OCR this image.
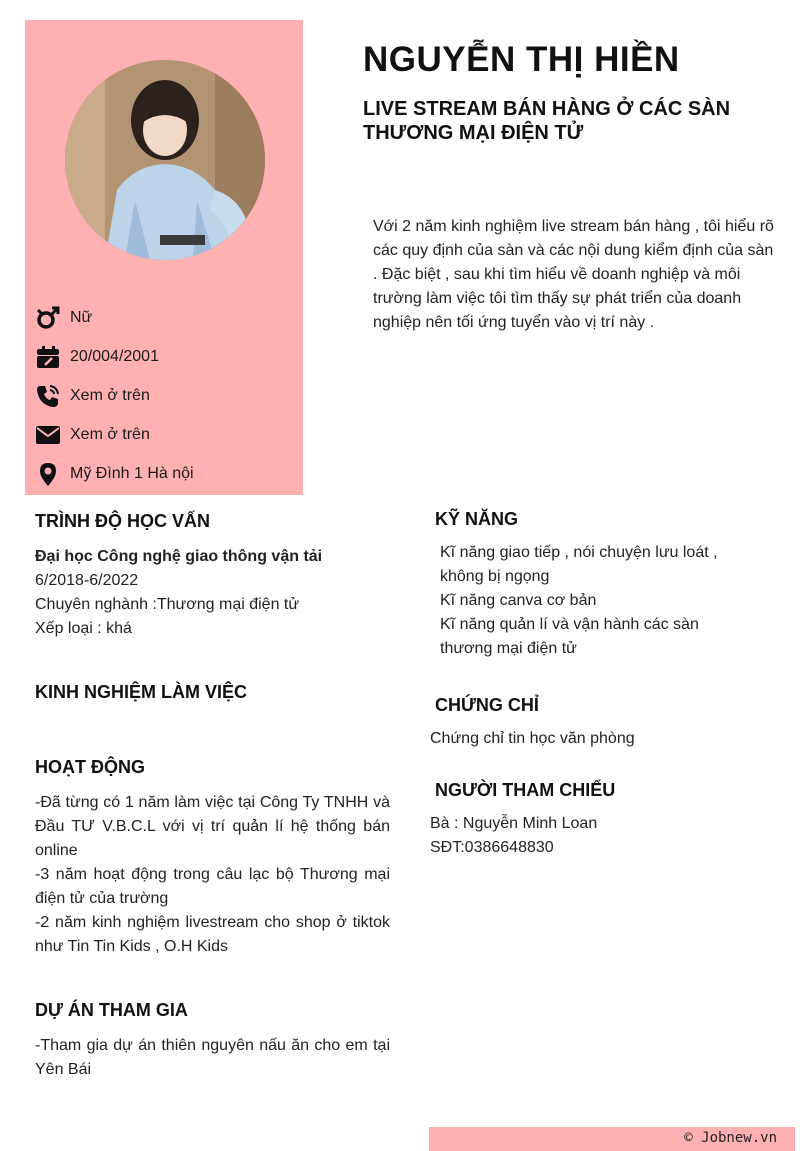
Nữ
20/004/2001
Xem ở trên
Xem ở trên
Mỹ Đình 1 Hà nội
NGUYỄN THỊ HIỀN
LIVE STREAM BÁN HÀNG Ở CÁC SÀN THƯƠNG MẠI ĐIỆN TỬ

Với 2 năm kinh nghiệm live stream bán hàng , tôi hiểu rõ các quy định của sàn và các nội dung kiểm định của sàn . Đặc biệt , sau khi tìm hiểu về doanh nghiệp và môi trường làm việc tôi tìm thấy sự phát triển của doanh nghiệp nên tối ứng tuyển vào vị trí này .

TRÌNH ĐỘ HỌC VẤN

Đại học Công nghệ giao thông vận tải

6/2018-6/2022

Chuyên nghành :Thương mại điện tử

Xếp loại : khá

KINH NGHIỆM LÀM VIỆC
HOẠT ĐỘNG

-Đã từng có 1 năm làm việc tại Công Ty TNHH và Đầu TƯ V.B.C.L với vị trí quản lí hệ thống bán online

-3 năm hoạt động trong câu lạc bộ Thương mại điện tử của trường

-2 năm kinh nghiệm livestream cho shop ở tiktok như Tin Tin Kids , O.H Kids

DỰ ÁN THAM GIA

-Tham gia dự án thiên nguyên nấu ăn cho em tại Yên Bái

KỸ NĂNG

Kĩ năng giao tiếp , nói chuyện lưu loát , không bị ngọng

Kĩ năng canva cơ bản

Kĩ năng quản lí và vận hành các sàn thương mại điện tử

CHỨNG CHỈ

Chứng chỉ tin học văn phòng

NGƯỜI THAM CHIẾU

Bà : Nguyễn Minh Loan

SĐT:0386648830

© Jobnew.vn
